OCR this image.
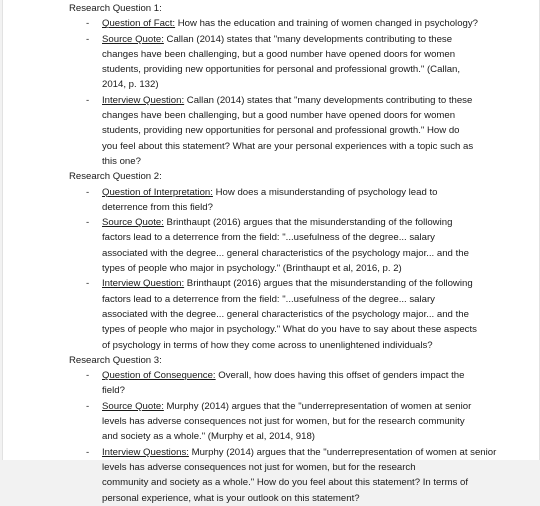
Research Question 1:
- Question of Fact: How has the education and training of women changed in psychology?
- Source Quote: Callan (2014) states that "many developments contributing to these
changes have been challenging, but a good number have opened doors for women
students, providing new opportunities for personal and professional growth." (Callan,
2014, p. 132)
- Interview Question: Callan (2014) states that "many developments contributing to these
changes have been challenging, but a good number have opened doors for women
students, providing new opportunities for personal and professional growth." How do
you feel about this statement? What are your personal experiences with a topic such as
this one?
Research Question 2:
- Question of Interpretation: How does a misunderstanding of psychology lead to
deterrence from this field?
- Source Quote: Brinthaupt (2016) argues that the misunderstanding of the following
factors lead to a deterrence from the field: "...usefulness of the degree... salary
associated with the degree... general characteristics of the psychology major... and the
types of people who major in psychology." (Brinthaupt et al, 2016, p. 2)
- Interview Question: Brinthaupt (2016) argues that the misunderstanding of the following
factors lead to a deterrence from the field: "...usefulness of the degree... salary
associated with the degree... general characteristics of the psychology major... and the
types of people who major in psychology." What do you have to say about these aspects
of psychology in terms of how they come across to unenlightened individuals?
Research Question 3:
- Question of Consequence: Overall, how does having this offset of genders impact the
field?
- Source Quote: Murphy (2014) argues that the "underrepresentation of women at senior
levels has adverse consequences not just for women, but for the research community
and society as a whole." (Murphy et al, 2014, 918)
- Interview Questions: Murphy (2014) argues that the "underrepresentation of women at senior
levels has adverse consequences not just for women, but for the research
community and society as a whole." How do you feel about this statement? In terms of
personal experience, what is your outlook on this statement?
